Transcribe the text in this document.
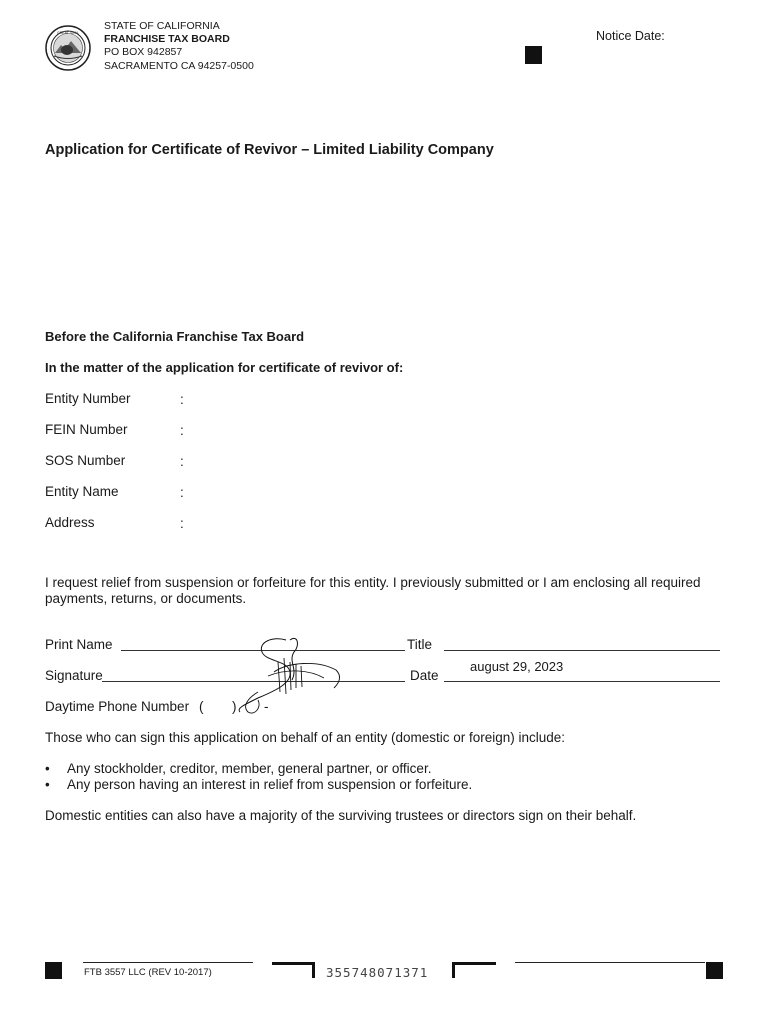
GREAT SEAL
STATE OF CALIFORNIA
FRANCHISE TAX BOARD
PO BOX 942857
SACRAMENTO CA 94257-0500
Notice Date:
Application for Certificate of Revivor – Limited Liability Company
Before the California Franchise Tax Board
In the matter of the application for certificate of revivor of:
Entity Number	:
FEIN Number	:
SOS Number	:
Entity Name	:
Address	:
I request relief from suspension or forfeiture for this entity. I previously submitted or I am enclosing all required payments, returns, or documents.
Print Name	Title
Signature	Date
august 29, 2023
Daytime Phone Number ( ) -
Those who can sign this application on behalf of an entity (domestic or foreign) include:
•	Any stockholder, creditor, member, general partner, or officer.
•	Any person having an interest in relief from suspension or forfeiture.
Domestic entities can also have a majority of the surviving trustees or directors sign on their behalf.
FTB 3557 LLC (REV 10-2017)	355748071371
